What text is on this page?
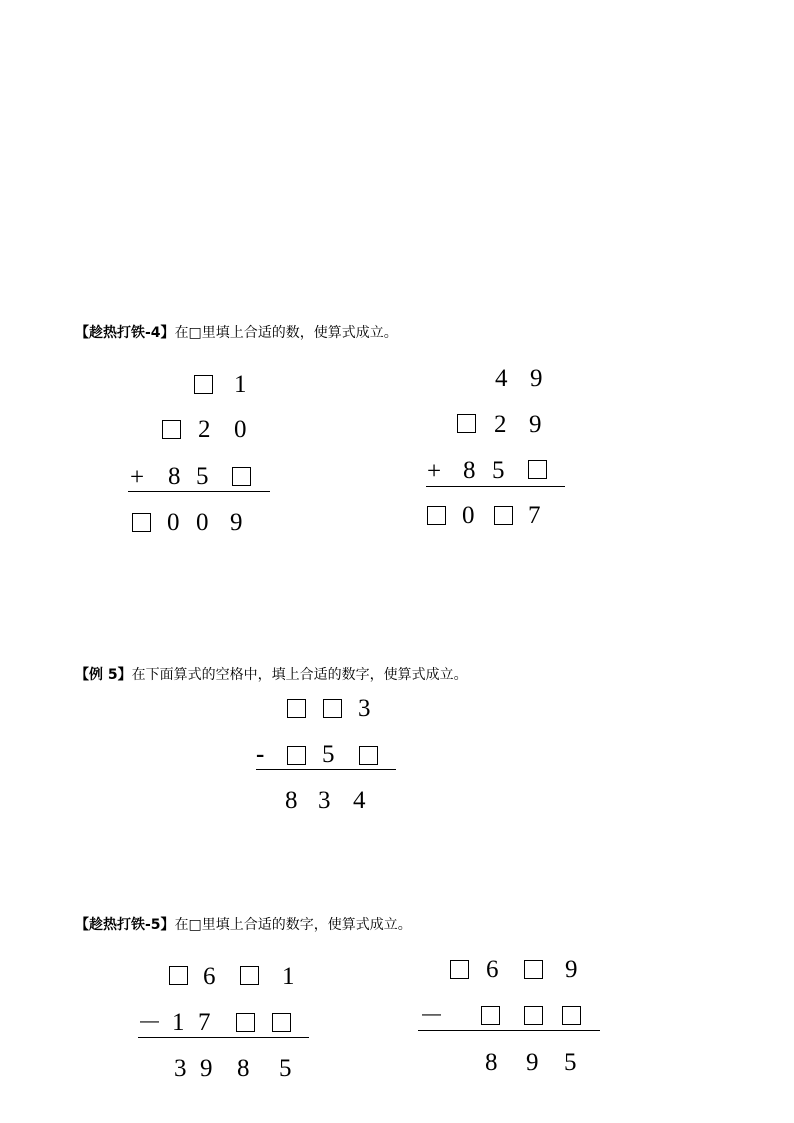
【趁热打铁-4】在□里填上合适的数，使算式成立。
1
2 0
+ 8 5
0 0 9
4 9
2 9
+ 8 5
0 7
【例 5】在下面算式的空格中，填上合适的数字，使算式成立。
3
- 5
8 3 4
【趁热打铁-5】在□里填上合适的数字，使算式成立。
6	1
－ 1 7
3 9 8 5
6	9
－
8 9 5
